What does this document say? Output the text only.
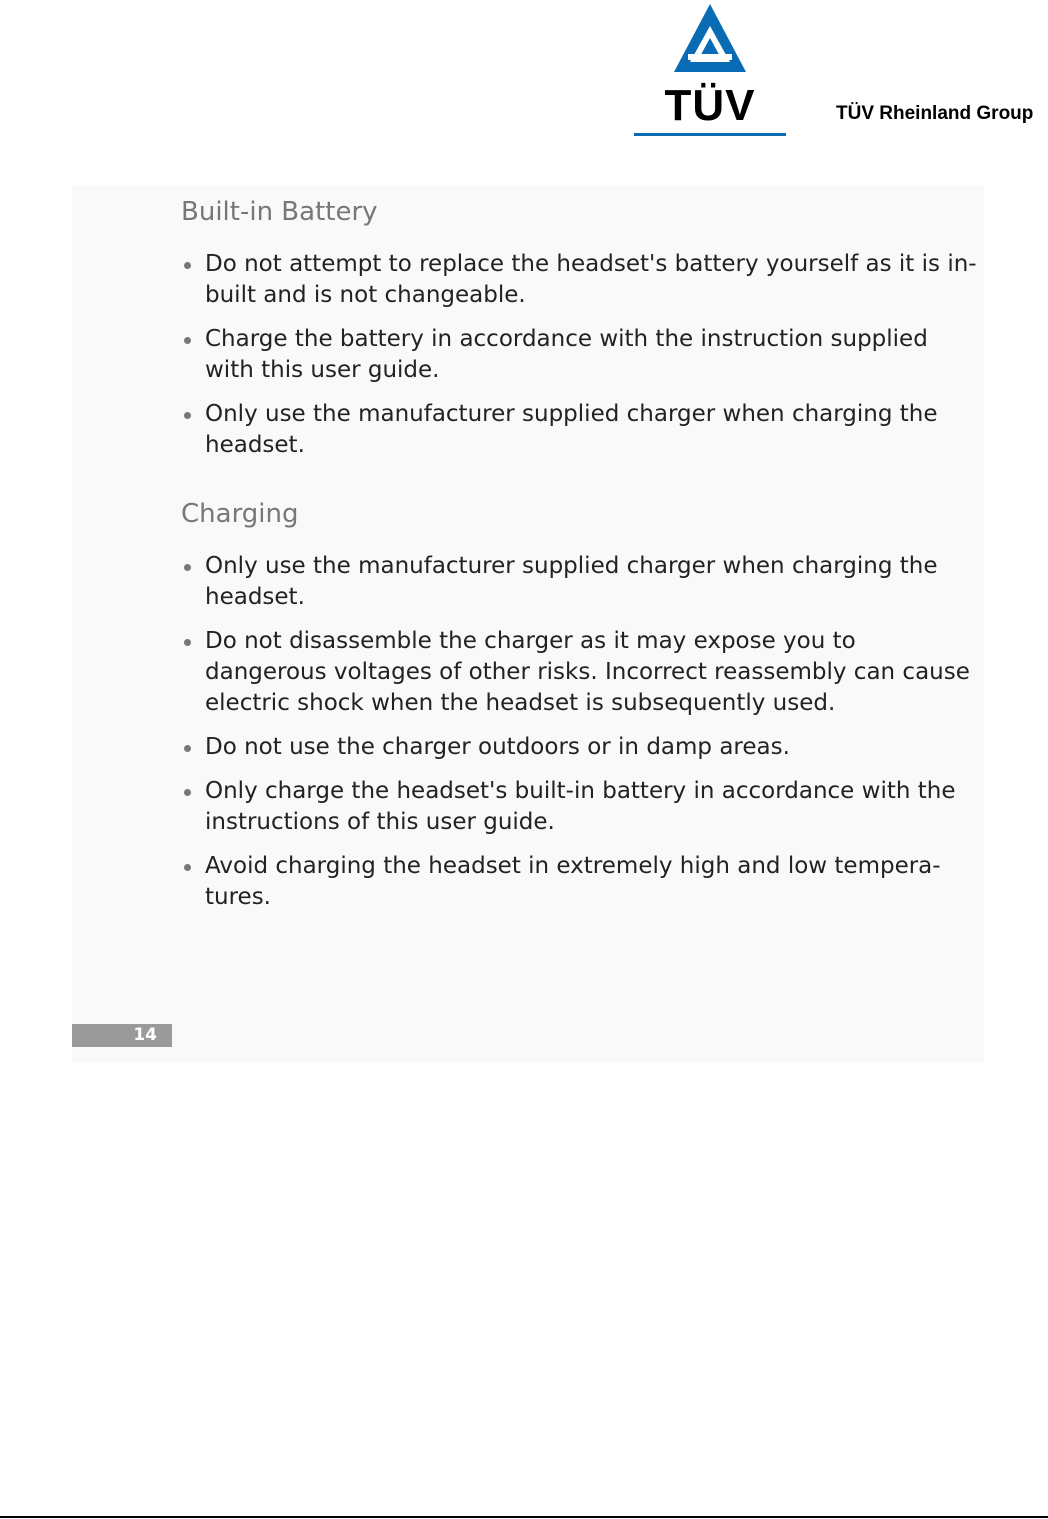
TÜV	TÜV Rheinland Group
Built-in Battery
Do not attempt to replace the headset's battery yourself as it is in-built and is not changeable.
Charge the battery in accordance with the instruction supplied with this user guide.
Only use the manufacturer supplied charger when charging the headset.
Charging
Only use the manufacturer supplied charger when charging the headset.
Do not disassemble the charger as it may expose you to dangerous voltages of other risks. Incorrect reassembly can cause electric shock when the headset is subsequently used.
Do not use the charger outdoors or in damp areas.
Only charge the headset's built-in battery in accordance with the instructions of this user guide.
Avoid charging the headset in extremely high and low tempera-tures.
14
